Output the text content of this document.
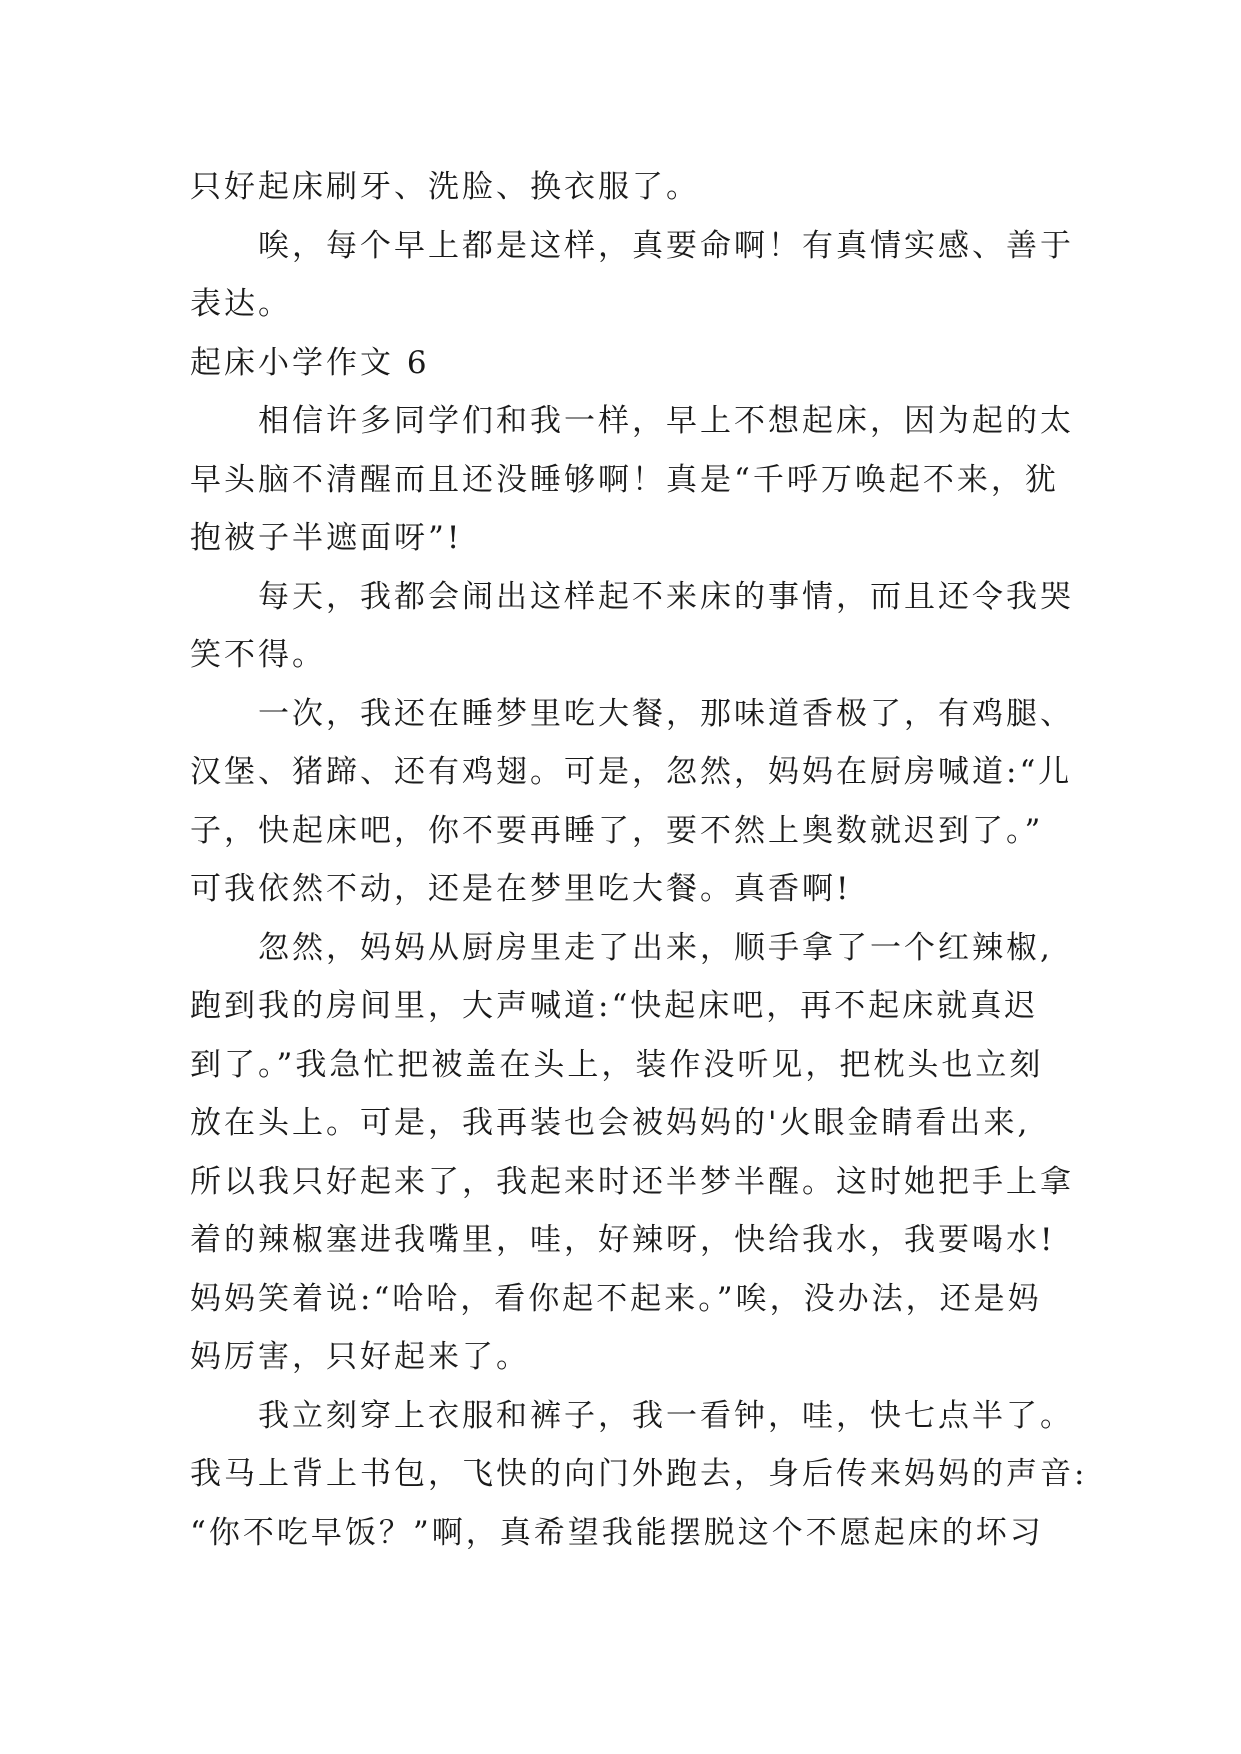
只好起床刷牙、洗脸、换衣服了。
唉，每个早上都是这样，真要命啊！有真情实感、善于
表达。
起床小学作文 6
相信许多同学们和我一样，早上不想起床，因为起的太
早头脑不清醒而且还没睡够啊！真是“千呼万唤起不来，犹
抱被子半遮面呀”!
每天，我都会闹出这样起不来床的事情，而且还令我哭
笑不得。
一次，我还在睡梦里吃大餐，那味道香极了，有鸡腿、
汉堡、猪蹄、还有鸡翅。可是，忽然，妈妈在厨房喊道:“儿
子，快起床吧，你不要再睡了，要不然上奥数就迟到了。”
可我依然不动，还是在梦里吃大餐。真香啊!
忽然，妈妈从厨房里走了出来，顺手拿了一个红辣椒,
跑到我的房间里，大声喊道:“快起床吧，再不起床就真迟
到了。”我急忙把被盖在头上，装作没听见，把枕头也立刻
放在头上。可是，我再装也会被妈妈的'火眼金睛看出来,
所以我只好起来了，我起来时还半梦半醒。这时她把手上拿
着的辣椒塞进我嘴里，哇，好辣呀，快给我水，我要喝水!
妈妈笑着说:“哈哈，看你起不起来。”唉，没办法，还是妈
妈厉害，只好起来了。
我立刻穿上衣服和裤子，我一看钟，哇，快七点半了。
我马上背上书包，飞快的向门外跑去，身后传来妈妈的声音:
“你不吃早饭？”啊，真希望我能摆脱这个不愿起床的坏习
